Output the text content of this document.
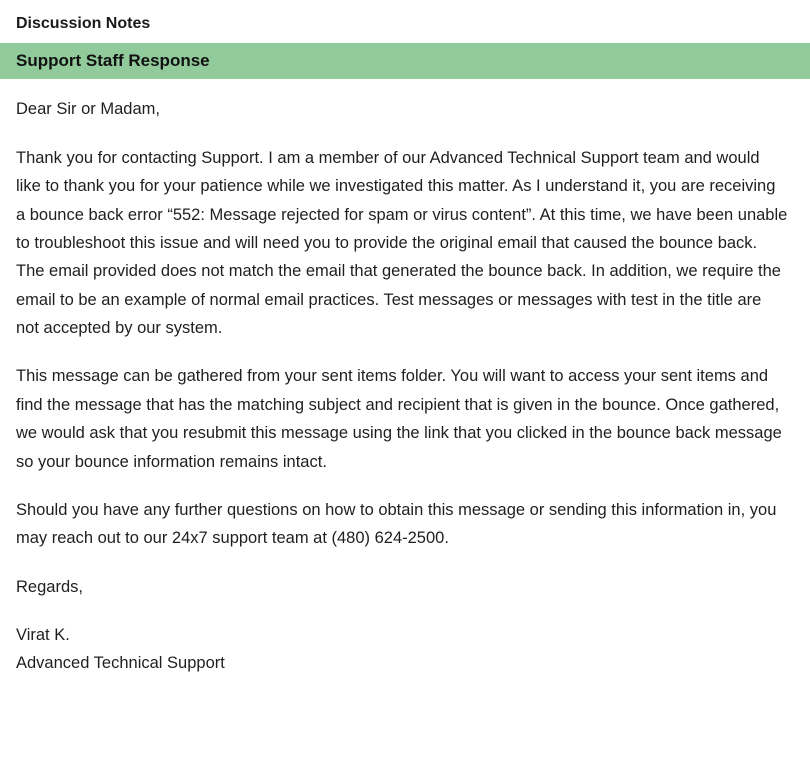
Discussion Notes
Support Staff Response

Dear Sir or Madam,

Thank you for contacting Support. I am a member of our Advanced Technical Support team and would like to thank you for your patience while we investigated this matter. As I understand it, you are receiving a bounce back error “552: Message rejected for spam or virus content”. At this time, we have been unable to troubleshoot this issue and will need you to provide the original email that caused the bounce back. The email provided does not match the email that generated the bounce back. In addition, we require the email to be an example of normal email practices. Test messages or messages with test in the title are not accepted by our system.

This message can be gathered from your sent items folder. You will want to access your sent items and find the message that has the matching subject and recipient that is given in the bounce. Once gathered, we would ask that you resubmit this message using the link that you clicked in the bounce back message so your bounce information remains intact.

Should you have any further questions on how to obtain this message or sending this information in, you may reach out to our 24x7 support team at (480) 624-2500.

Regards,

Virat K.

Advanced Technical Support
